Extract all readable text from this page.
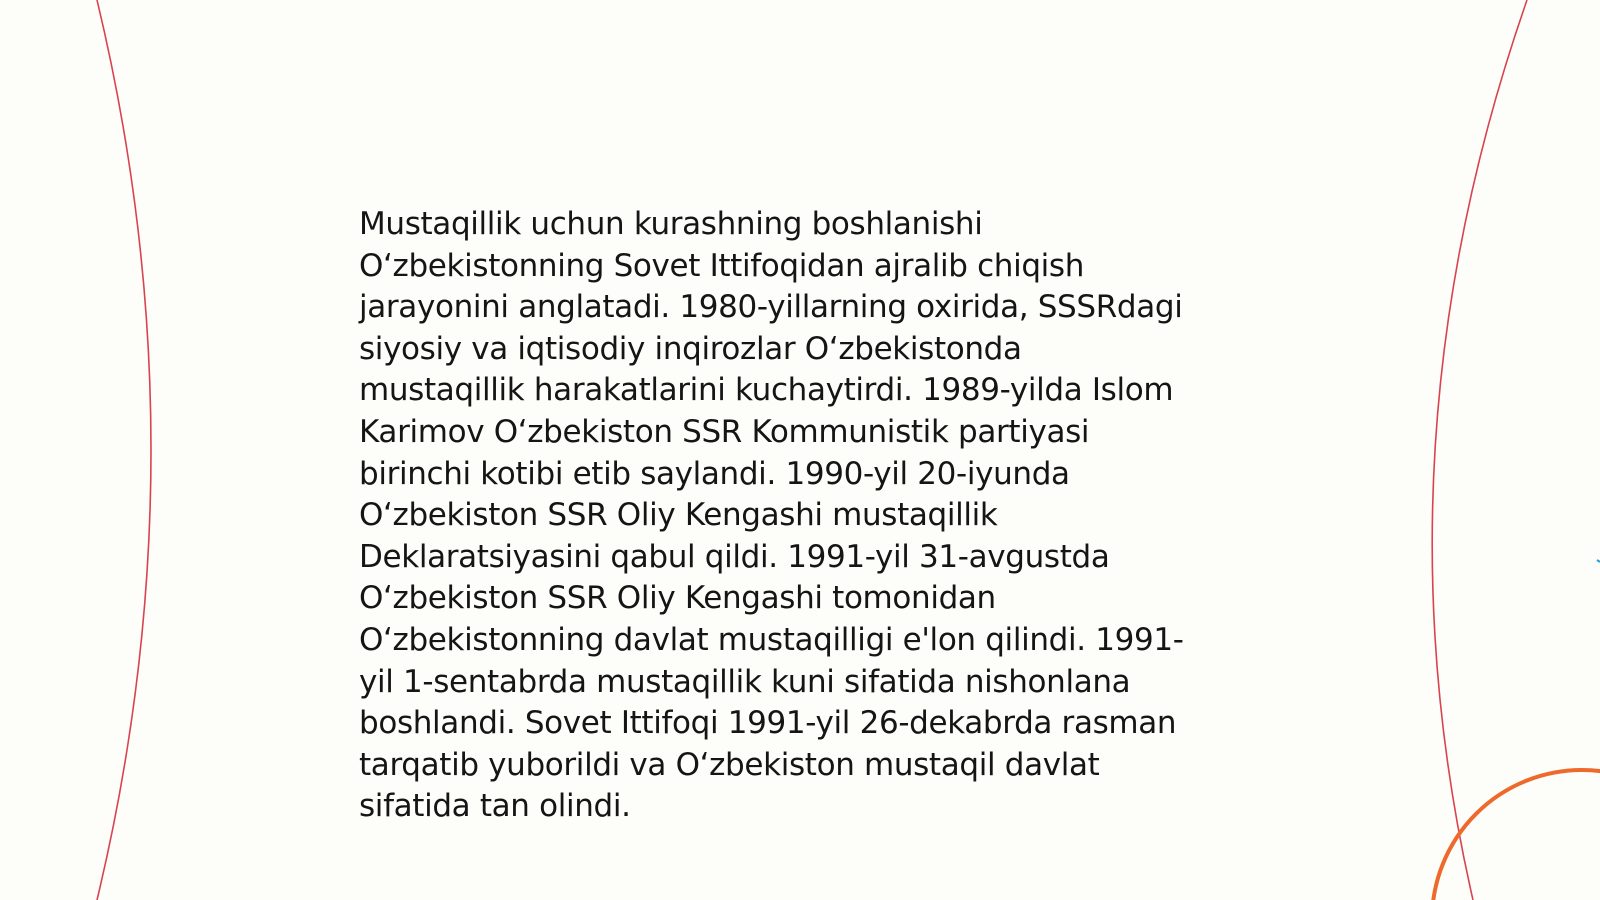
Mustaqillik uchun kurashning boshlanishi
O‘zbekistonning Sovet Ittifoqidan ajralib chiqish
jarayonini anglatadi. 1980-yillarning oxirida, SSSRdagi
siyosiy va iqtisodiy inqirozlar O‘zbekistonda
mustaqillik harakatlarini kuchaytirdi. 1989-yilda Islom
Karimov O‘zbekiston SSR Kommunistik partiyasi
birinchi kotibi etib saylandi. 1990-yil 20-iyunda
O‘zbekiston SSR Oliy Kengashi mustaqillik
Deklaratsiyasini qabul qildi. 1991-yil 31-avgustda
O‘zbekiston SSR Oliy Kengashi tomonidan
O‘zbekistonning davlat mustaqilligi e'lon qilindi. 1991-
yil 1-sentabrda mustaqillik kuni sifatida nishonlana
boshlandi. Sovet Ittifoqi 1991-yil 26-dekabrda rasman
tarqatib yuborildi va O‘zbekiston mustaqil davlat
sifatida tan olindi.
